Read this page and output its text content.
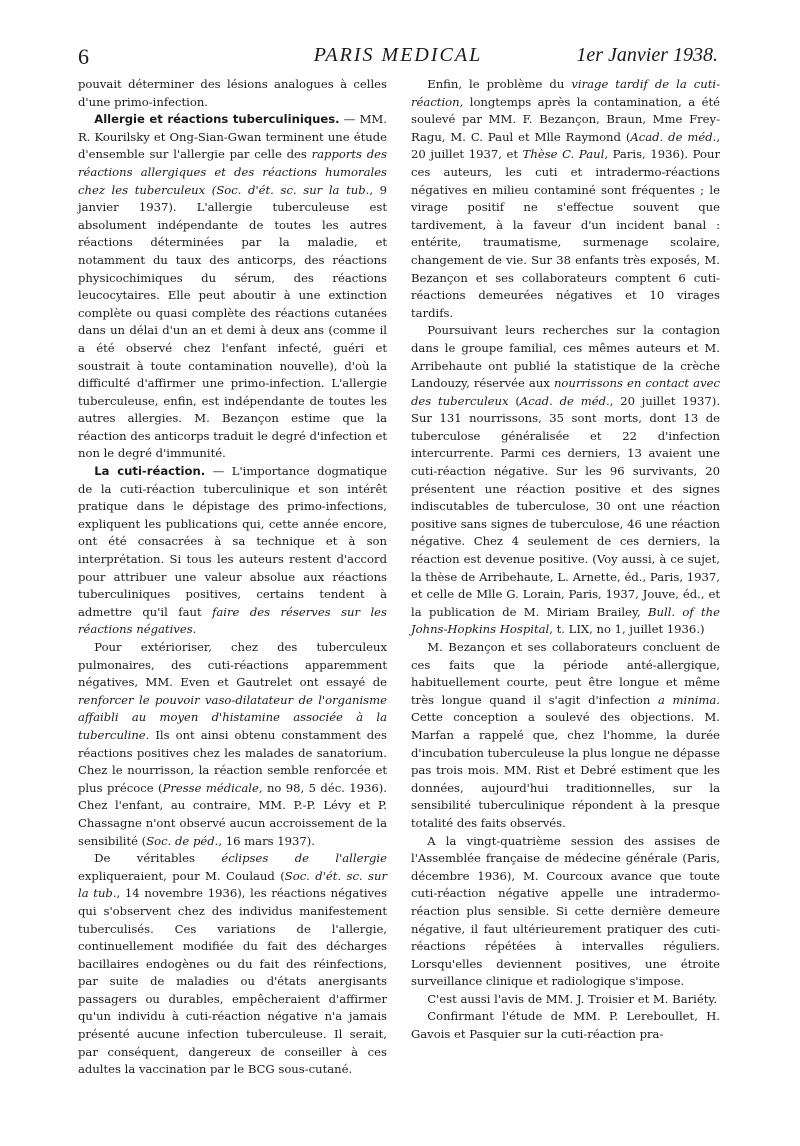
6	PARIS MEDICAL	1er Janvier 1938.

pouvait déterminer des lésions analogues à celles d'une primo-infection.

Allergie et réactions tuberculiniques. — MM. R. Kourilsky et Ong-Sian-Gwan terminent une étude d'ensemble sur l'allergie par celle des rapports des réactions allergiques et des réactions humorales chez les tuberculeux (Soc. d'ét. sc. sur la tub., 9 janvier 1937). L'allergie tuberculeuse est absolument indépendante de toutes les autres réactions déterminées par la maladie, et notamment du taux des anticorps, des réactions physicochimiques du sérum, des réactions leucocytaires. Elle peut aboutir à une extinction complète ou quasi complète des réactions cutanées dans un délai d'un an et demi à deux ans (comme il a été observé chez l'enfant infecté, guéri et soustrait à toute contamination nouvelle), d'où la difficulté d'affirmer une primo-infection. L'allergie tuberculeuse, enfin, est indépendante de toutes les autres allergies. M. Bezançon estime que la réaction des anticorps traduit le degré d'infection et non le degré d'immunité.

La cuti-réaction. — L'importance dogmatique de la cuti-réaction tuberculinique et son intérêt pratique dans le dépistage des primo-infections, expliquent les publications qui, cette année encore, ont été consacrées à sa technique et à son interprétation. Si tous les auteurs restent d'accord pour attribuer une valeur absolue aux réactions tuberculiniques positives, certains tendent à admettre qu'il faut faire des réserves sur les réactions négatives.

Pour extérioriser, chez des tuberculeux pulmonaires, des cuti-réactions apparemment négatives, MM. Even et Gautrelet ont essayé de renforcer le pouvoir vaso-dilatateur de l'organisme affaibli au moyen d'histamine associée à la tuberculine. Ils ont ainsi obtenu constamment des réactions positives chez les malades de sanatorium. Chez le nourrisson, la réaction semble renforcée et plus précoce (Presse médicale, no 98, 5 déc. 1936). Chez l'enfant, au contraire, MM. P.-P. Lévy et P. Chassagne n'ont observé aucun accroissement de la sensibilité (Soc. de péd., 16 mars 1937).

De véritables éclipses de l'allergie expliqueraient, pour M. Coulaud (Soc. d'ét. sc. sur la tub., 14 novembre 1936), les réactions négatives qui s'observent chez des individus manifestement tuberculisés. Ces variations de l'allergie, continuellement modifiée du fait des décharges bacillaires endogènes ou du fait des réinfections, par suite de maladies ou d'états anergisants passagers ou durables, empêcheraient d'affirmer qu'un individu à cuti-réaction négative n'a jamais présenté aucune infection tuberculeuse. Il serait, par conséquent, dangereux de conseiller à ces adultes la vaccination par le BCG sous-cutané.

Enfin, le problème du virage tardif de la cuti-réaction, longtemps après la contamination, a été soulevé par MM. F. Bezançon, Braun, Mme Frey-Ragu, M. C. Paul et Mlle Raymond (Acad. de méd., 20 juillet 1937, et Thèse C. Paul, Paris, 1936). Pour ces auteurs, les cuti et intradermo-réactions négatives en milieu contaminé sont fréquentes ; le virage positif ne s'effectue souvent que tardivement, à la faveur d'un incident banal : entérite, traumatisme, surmenage scolaire, changement de vie. Sur 38 enfants très exposés, M. Bezançon et ses collaborateurs comptent 6 cuti-réactions demeurées négatives et 10 virages tardifs.

Poursuivant leurs recherches sur la contagion dans le groupe familial, ces mêmes auteurs et M. Arribehaute ont publié la statistique de la crèche Landouzy, réservée aux nourrissons en contact avec des tuberculeux (Acad. de méd., 20 juillet 1937). Sur 131 nourrissons, 35 sont morts, dont 13 de tuberculose généralisée et 22 d'infection intercurrente. Parmi ces derniers, 13 avaient une cuti-réaction négative. Sur les 96 survivants, 20 présentent une réaction positive et des signes indiscutables de tuberculose, 30 ont une réaction positive sans signes de tuberculose, 46 une réaction négative. Chez 4 seulement de ces derniers, la réaction est devenue positive. (Voy aussi, à ce sujet, la thèse de Arribehaute, L. Arnette, éd., Paris, 1937, et celle de Mlle G. Lorain, Paris, 1937, Jouve, éd., et la publication de M. Miriam Brailey, Bull. of the Johns-Hopkins Hospital, t. LIX, no 1, juillet 1936.)

M. Bezançon et ses collaborateurs concluent de ces faits que la période anté-allergique, habituellement courte, peut être longue et même très longue quand il s'agit d'infection a minima. Cette conception a soulevé des objections. M. Marfan a rappelé que, chez l'homme, la durée d'incubation tuberculeuse la plus longue ne dépasse pas trois mois. MM. Rist et Debré estiment que les données, aujourd'hui traditionnelles, sur la sensibilité tuberculinique répondent à la presque totalité des faits observés.

A la vingt-quatrième session des assises de l'Assemblée française de médecine générale (Paris, décembre 1936), M. Courcoux avance que toute cuti-réaction négative appelle une intradermo-réaction plus sensible. Si cette dernière demeure négative, il faut ultérieurement pratiquer des cuti-réactions répétées à intervalles réguliers. Lorsqu'elles deviennent positives, une étroite surveillance clinique et radiologique s'impose.

C'est aussi l'avis de MM. J. Troisier et M. Bariéty.

Confirmant l'étude de MM. P. Lereboullet, H. Gavois et Pasquier sur la cuti-réaction pra-
